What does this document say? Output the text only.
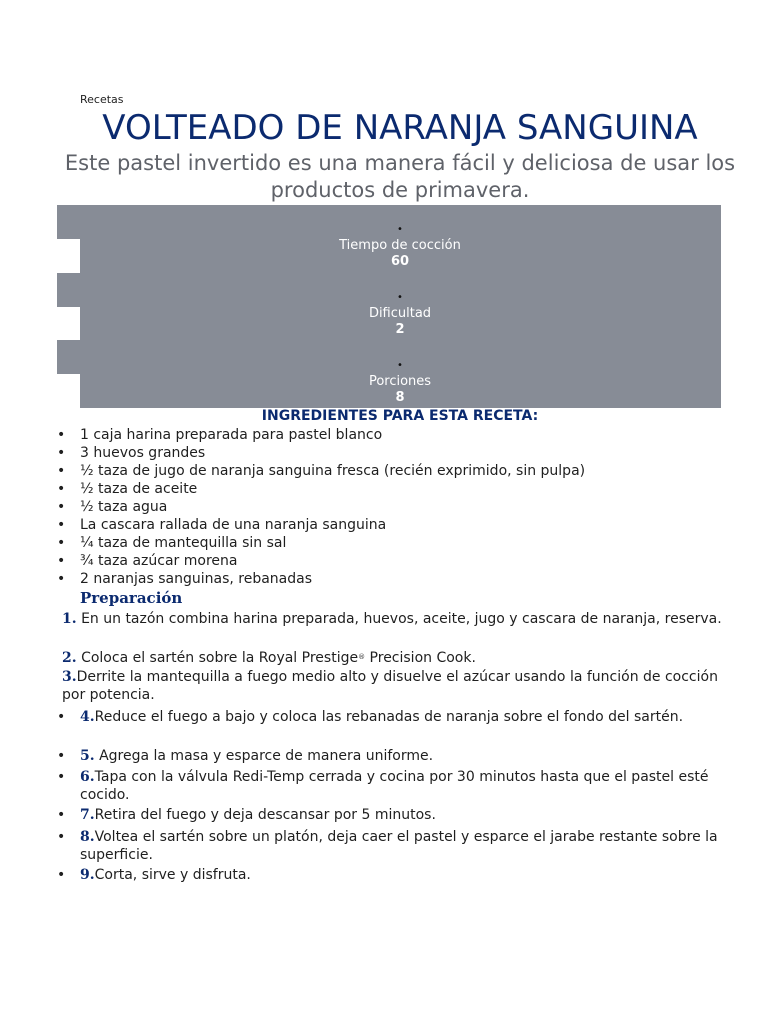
Recetas
VOLTEADO DE NARANJA SANGUINA
Este pastel invertido es una manera fácil y deliciosa de usar los productos de primavera.
•
Tiempo de cocción
60
•
Dificultad
2
•
Porciones
8
INGREDIENTES PARA ESTA RECETA:
• 1 caja harina preparada para pastel blanco
• 3 huevos grandes
• ½ taza de jugo de naranja sanguina fresca (recién exprimido, sin pulpa)
• ½ taza de aceite
• ½ taza agua
• La cascara rallada de una naranja sanguina
• ¼ taza de mantequilla sin sal
• ¾ taza azúcar morena
• 2 naranjas sanguinas, rebanadas
Preparación
1. En un tazón combina harina preparada, huevos, aceite, jugo y cascara de naranja, reserva.
2. Coloca el sartén sobre la Royal Prestige® Precision Cook.
3.Derrite la mantequilla a fuego medio alto y disuelve el azúcar usando la función de cocción por potencia.
• 4.Reduce el fuego a bajo y coloca las rebanadas de naranja sobre el fondo del sartén.
• 5. Agrega la masa y esparce de manera uniforme.
• 6.Tapa con la válvula Redi-Temp cerrada y cocina por 30 minutos hasta que el pastel esté cocido.
• 7.Retira del fuego y deja descansar por 5 minutos.
• 8.Voltea el sartén sobre un platón, deja caer el pastel y esparce el jarabe restante sobre la superficie.
• 9.Corta, sirve y disfruta.
